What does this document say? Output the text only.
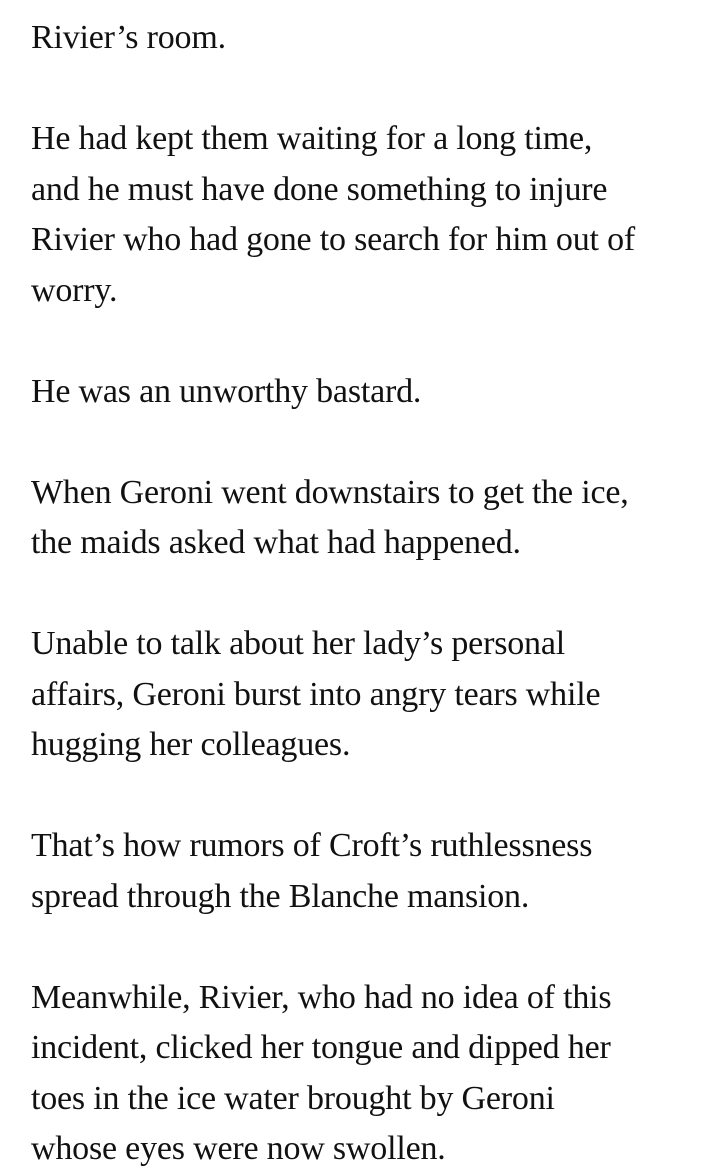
Rivier’s room.
He had kept them waiting for a long time,
and he must have done something to injure
Rivier who had gone to search for him out of
worry.
He was an unworthy bastard.
When Geroni went downstairs to get the ice,
the maids asked what had happened.
Unable to talk about her lady’s personal
affairs, Geroni burst into angry tears while
hugging her colleagues.
That’s how rumors of Croft’s ruthlessness
spread through the Blanche mansion.
Meanwhile, Rivier, who had no idea of this
incident, clicked her tongue and dipped her
toes in the ice water brought by Geroni
whose eyes were now swollen.
